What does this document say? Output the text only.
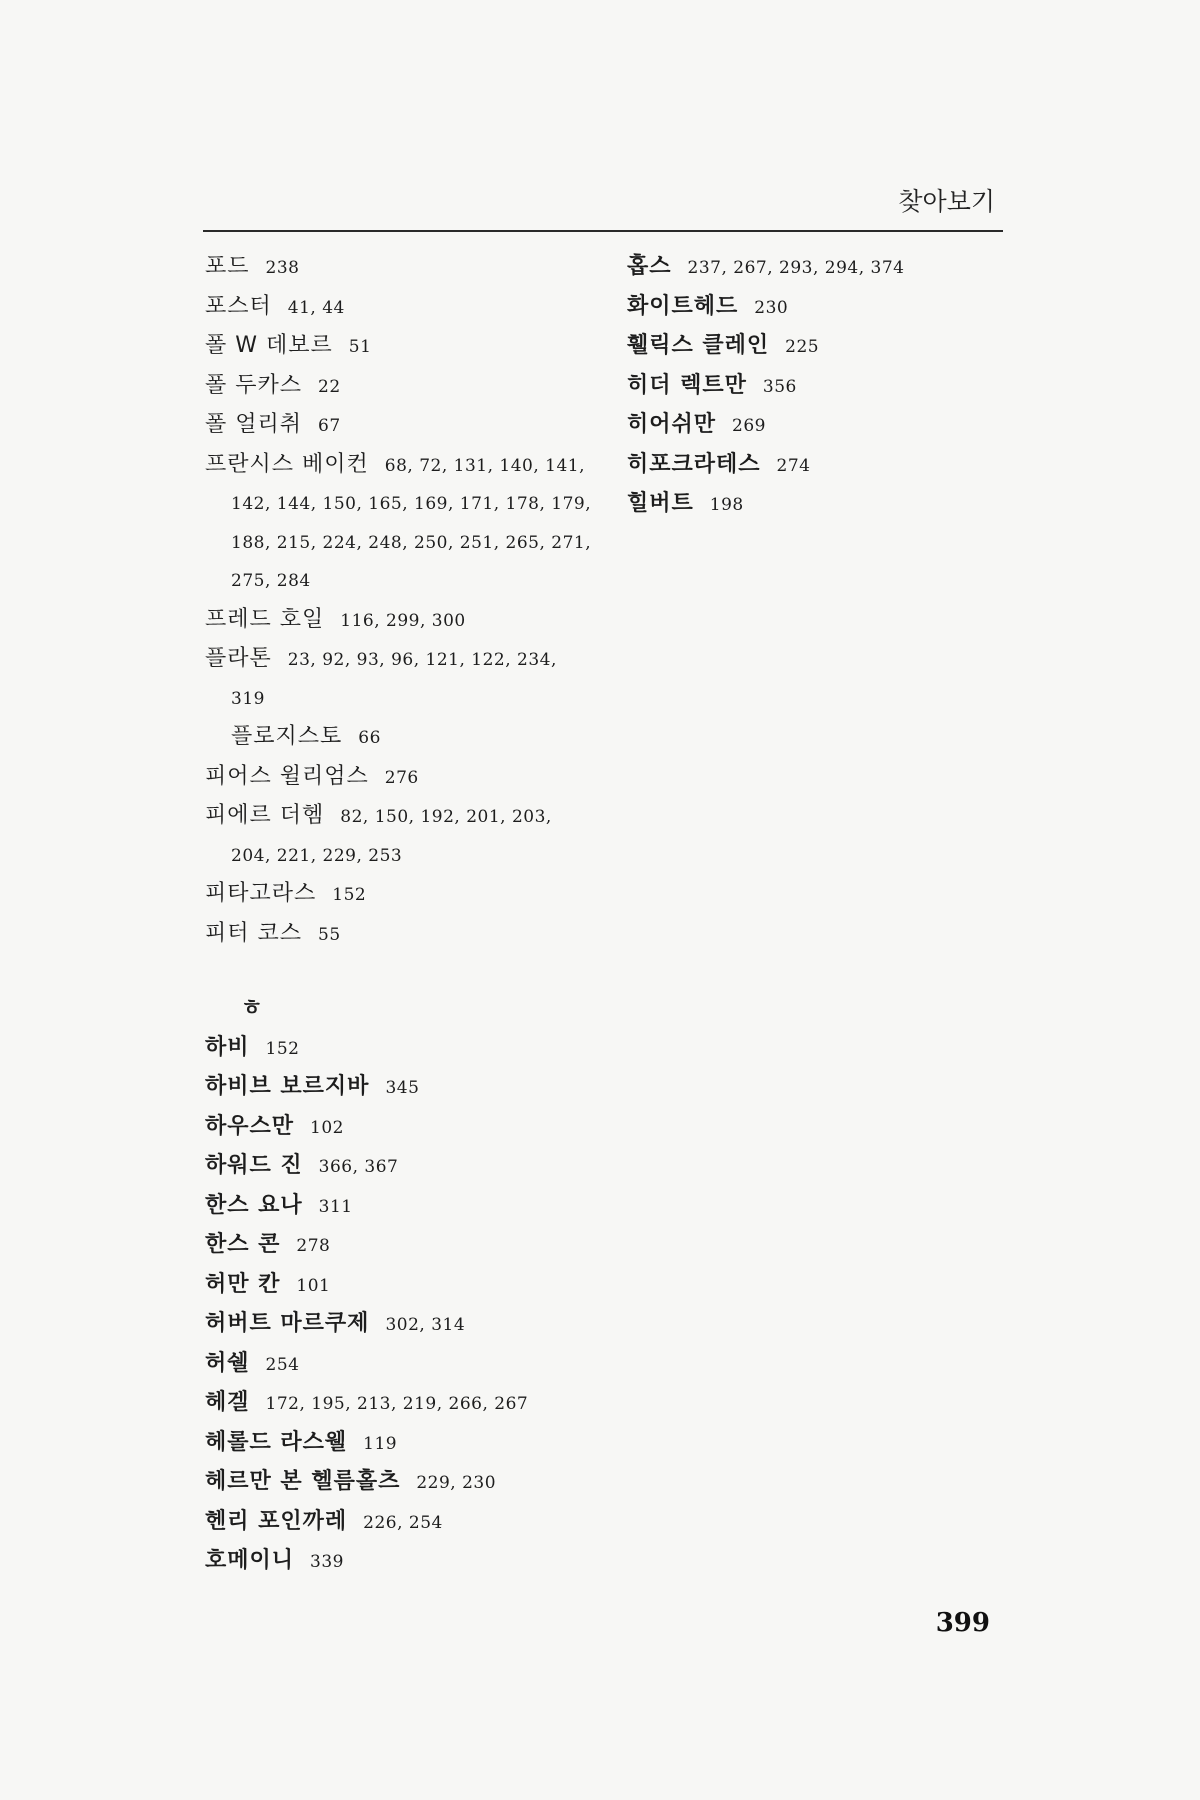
찾아보기
포드 238
포스터 41, 44
폴 W 데보르 51
폴 두카스 22
폴 얼리취 67
프란시스 베이컨 68, 72, 131, 140, 141,
142, 144, 150, 165, 169, 171, 178, 179,
188, 215, 224, 248, 250, 251, 265, 271,
275, 284
프레드 호일 116, 299, 300
플라톤 23, 92, 93, 96, 121, 122, 234,
319
플로지스토 66
피어스 윌리엄스 276
피에르 더헴 82, 150, 192, 201, 203,
204, 221, 229, 253
피타고라스 152
피터 코스 55
ㅎ
하비 152
하비브 보르지바 345
하우스만 102
하워드 진 366, 367
한스 요나 311
한스 콘 278
허만 칸 101
허버트 마르쿠제 302, 314
허쉘 254
헤겔 172, 195, 213, 219, 266, 267
헤롤드 라스웰 119
헤르만 본 헬름홀츠 229, 230
헨리 포인까레 226, 254
호메이니 339
홉스 237, 267, 293, 294, 374
화이트헤드 230
휄릭스 클레인 225
히더 렉트만 356
히어쉬만 269
히포크라테스 274
힐버트 198
399
